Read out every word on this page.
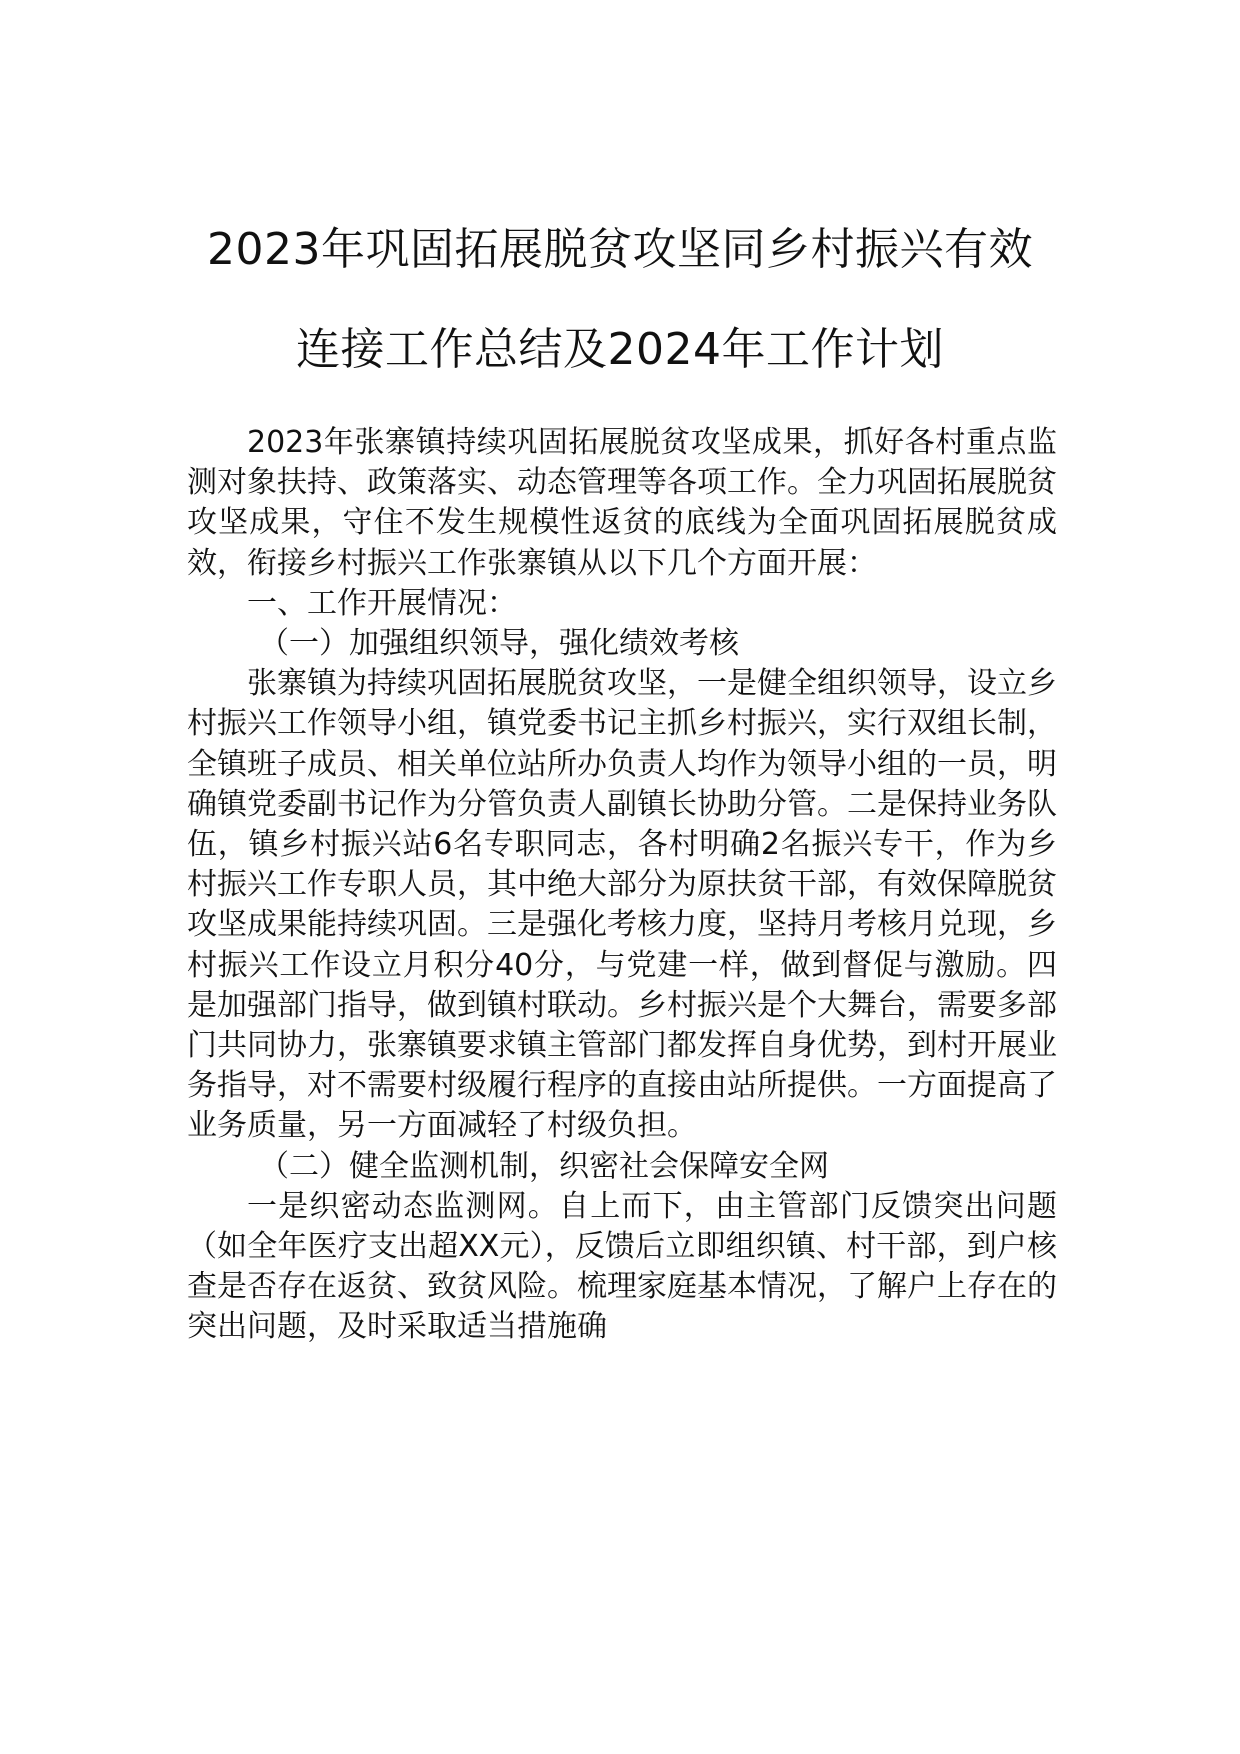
2023年巩固拓展脱贫攻坚同乡村振兴有效
连接工作总结及2024年工作计划

2023年张寨镇持续巩固拓展脱贫攻坚成果，抓好各村重点监测对象扶持、政策落实、动态管理等各项工作。全力巩固拓展脱贫攻坚成果，守住不发生规模性返贫的底线为全面巩固拓展脱贫成效，衔接乡村振兴工作张寨镇从以下几个方面开展：

一、工作开展情况：

（一）加强组织领导，强化绩效考核

张寨镇为持续巩固拓展脱贫攻坚，一是健全组织领导，设立乡村振兴工作领导小组，镇党委书记主抓乡村振兴，实行双组长制，全镇班子成员、相关单位站所办负责人均作为领导小组的一员，明确镇党委副书记作为分管负责人副镇长协助分管。二是保持业务队伍，镇乡村振兴站6名专职同志，各村明确2名振兴专干，作为乡村振兴工作专职人员，其中绝大部分为原扶贫干部，有效保障脱贫攻坚成果能持续巩固。三是强化考核力度，坚持月考核月兑现，乡村振兴工作设立月积分40分，与党建一样，做到督促与激励。四是加强部门指导，做到镇村联动。乡村振兴是个大舞台，需要多部门共同协力，张寨镇要求镇主管部门都发挥自身优势，到村开展业务指导，对不需要村级履行程序的直接由站所提供。一方面提高了业务质量，另一方面减轻了村级负担。

（二）健全监测机制，织密社会保障安全网

一是织密动态监测网。自上而下，由主管部门反馈突出问题（如全年医疗支出超XX元），反馈后立即组织镇、村干部，到户核查是否存在返贫、致贫风险。梳理家庭基本情况，了解户上存在的突出问题，及时采取适当措施确
